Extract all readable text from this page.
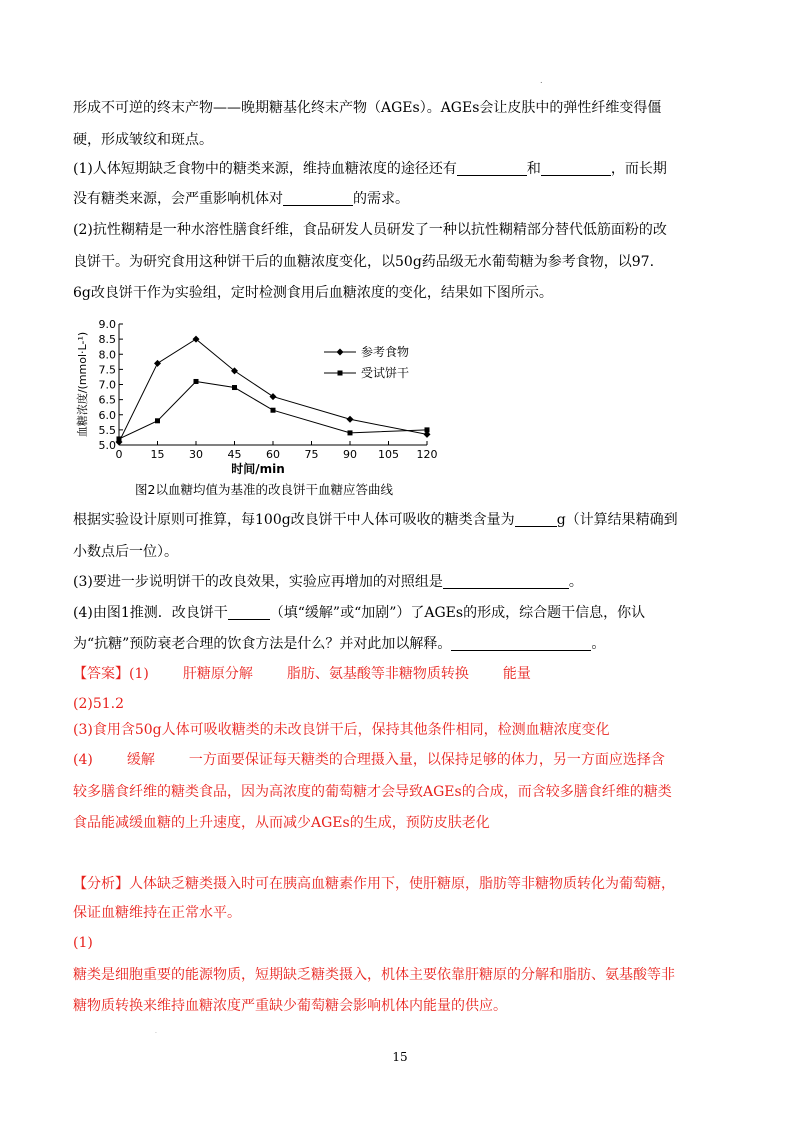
.
形成不可逆的终末产物——晚期糖基化终末产物（AGEs）。AGEs会让皮肤中的弹性纤维变得僵
硬，形成皱纹和斑点。
(1)人体短期缺乏食物中的糖类来源，维持血糖浓度的途径还有	和	，而长期
没有糖类来源，会严重影响机体对	的需求。
(2)抗性糊精是一种水溶性膳食纤维，食品研发人员研发了一种以抗性糊精部分替代低筋面粉的改
良饼干。为研究食用这种饼干后的血糖浓度变化，以50g药品级无水葡萄糖为参考食物，以97.
6g改良饼干作为实验组，定时检测食用后血糖浓度的变化，结果如下图所示。
5.0
5.5
6.0
6.5
7.0
7.5
8.0
8.5
9.0
0	15 30 45 60 75 90 105 120
时间/min
血糖浓度/(mmol·L-¹)	参考食物
受试饼干
图2以血糖均值为基准的改良饼干血糖应答曲线
根据实验设计原则可推算，每100g改良饼干中人体可吸收的糖类含量为	g（计算结果精确到
小数点后一位）。
(3)要进一步说明饼干的改良效果，实验应再增加的对照组是	。
(4)由图1推测．改良饼干	（填“缓解”或“加剧”）了AGEs的形成，综合题干信息，你认
为“抗糖”预防衰老合理的饮食方法是什么？并对此加以解释。	。
【答案】(1) 肝糖原分解 脂肪、氨基酸等非糖物质转换 能量
(2)51.2
(3)食用含50g人体可吸收糖类的未改良饼干后，保持其他条件相同，检测血糖浓度变化
(4) 缓解 一方面要保证每天糖类的合理摄入量，以保持足够的体力，另一方面应选择含
较多膳食纤维的糖类食品，因为高浓度的葡萄糖才会导致AGEs的合成，而含较多膳食纤维的糖类
食品能减缓血糖的上升速度，从而减少AGEs的生成，预防皮肤老化
【分析】人体缺乏糖类摄入时可在胰高血糖素作用下，使肝糖原，脂肪等非糖物质转化为葡萄糖，
保证血糖维持在正常水平。
(1)
糖类是细胞重要的能源物质，短期缺乏糖类摄入，机体主要依靠肝糖原的分解和脂肪、氨基酸等非
糖物质转换来维持血糖浓度严重缺少葡萄糖会影响机体内能量的供应。
.
15
